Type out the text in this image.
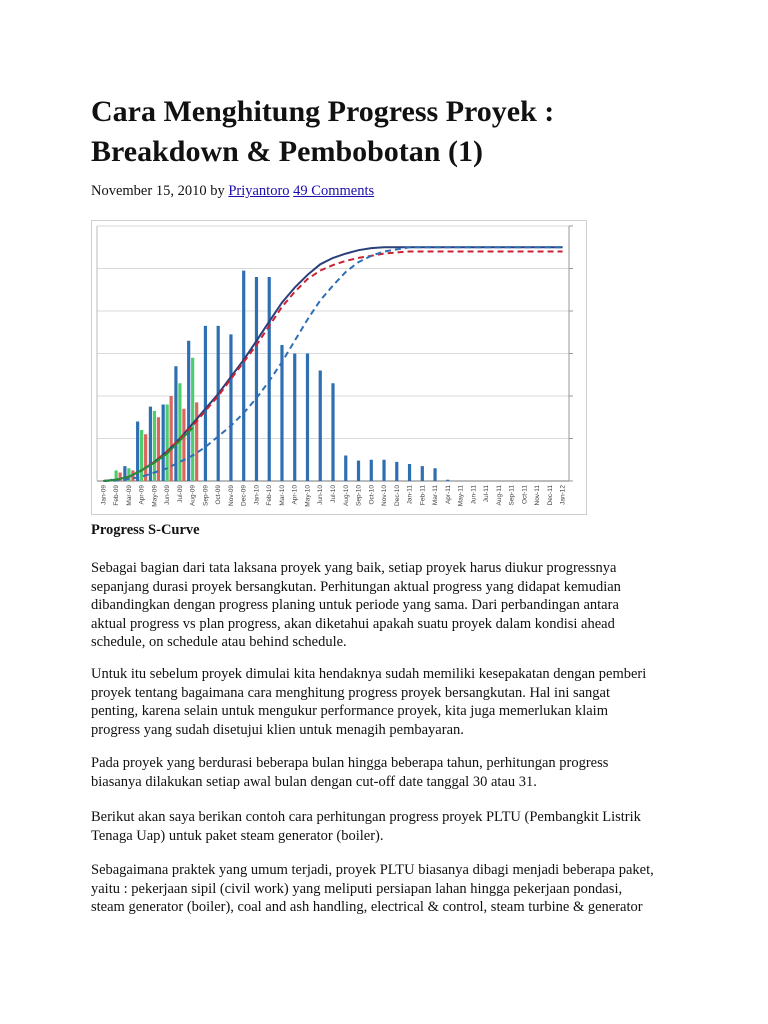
Cara Menghitung Progress Proyek :
Breakdown & Pembobotan (1)

November 15, 2010 by Priyantoro 49 Comments

Jan-09 Feb-09 Mar-09 Apr-09 May-09 Jun-09 Jul-09 Aug-09 Sep-09 Oct-09 Nov-09 Dec-09 Jan-10 Feb-10 Mar-10 Apr-10 May-10 Jun-10 Jul-10 Aug-10 Sep-10 Oct-10 Nov-10 Dec-10 Jan-11 Feb-11 Mar-11 Apr-11 May-11 Jun-11 Jul-11 Aug-11 Sep-11 Oct-11 Nov-11 Dec-11 Jan-12

Progress S-Curve

Sebagai bagian dari tata laksana proyek yang baik, setiap proyek harus diukur progressnya
sepanjang durasi proyek bersangkutan. Perhitungan aktual progress yang didapat kemudian
dibandingkan dengan progress planing untuk periode yang sama. Dari perbandingan antara
aktual progress vs plan progress, akan diketahui apakah suatu proyek dalam kondisi ahead
schedule, on schedule atau behind schedule.

Untuk itu sebelum proyek dimulai kita hendaknya sudah memiliki kesepakatan dengan pemberi
proyek tentang bagaimana cara menghitung progress proyek bersangkutan. Hal ini sangat
penting, karena selain untuk mengukur performance proyek, kita juga memerlukan klaim
progress yang sudah disetujui klien untuk menagih pembayaran.

Pada proyek yang berdurasi beberapa bulan hingga beberapa tahun, perhitungan progress
biasanya dilakukan setiap awal bulan dengan cut-off date tanggal 30 atau 31.

Berikut akan saya berikan contoh cara perhitungan progress proyek PLTU (Pembangkit Listrik
Tenaga Uap) untuk paket steam generator (boiler).

Sebagaimana praktek yang umum terjadi, proyek PLTU biasanya dibagi menjadi beberapa paket,
yaitu : pekerjaan sipil (civil work) yang meliputi persiapan lahan hingga pekerjaan pondasi,
steam generator (boiler), coal and ash handling, electrical & control, steam turbine & generator
